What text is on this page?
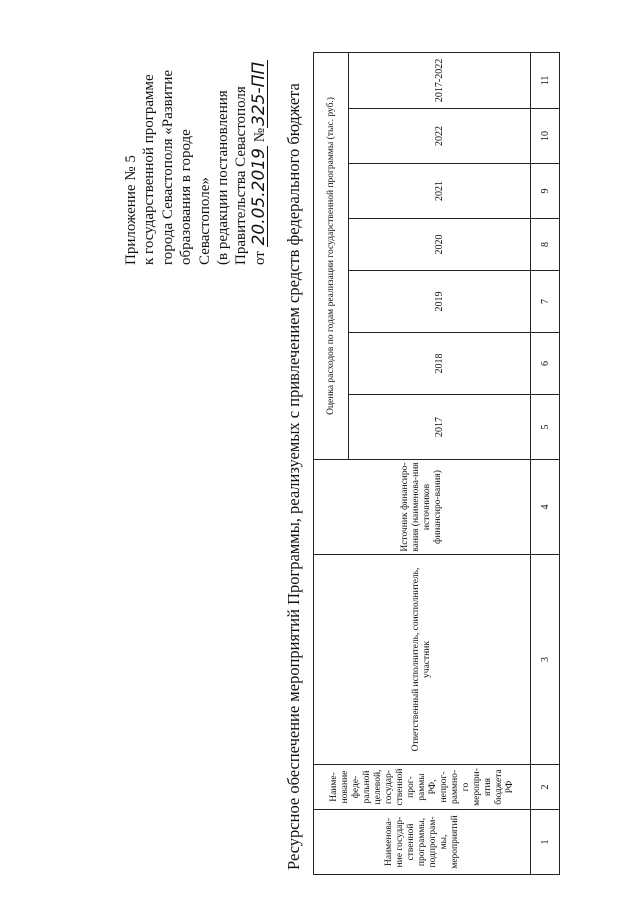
Приложение № 5 к государственной программе города Севастополя «Развитие образования в городе Севастополе» (в редакции постановления Правительства Севастополя от 20.05.2019 №325-ПП Ресурсное обеспечение мероприятий Программы, реализуемых с привлечением средств федерального бюджета	Наименова-ние государ-ственной программы, подпрограм-мы, мероприятий	Наиме-нование феде-ральной целевой, государ-ственной прог-раммы РФ, непрог-раммно-го меропри-ятия бюджета РФ	Ответственный исполнитель, соисполнитель, участник	Источник финансиро-вания (наименова-ния источников финансиро-вания)	Оценка расходов по годам реализации государственной программы (тыс. руб.)						
				2017	2018	2019	2020	2021	2022	2017-2022
1	2	3	4	5	6	7	8	9	10	11
